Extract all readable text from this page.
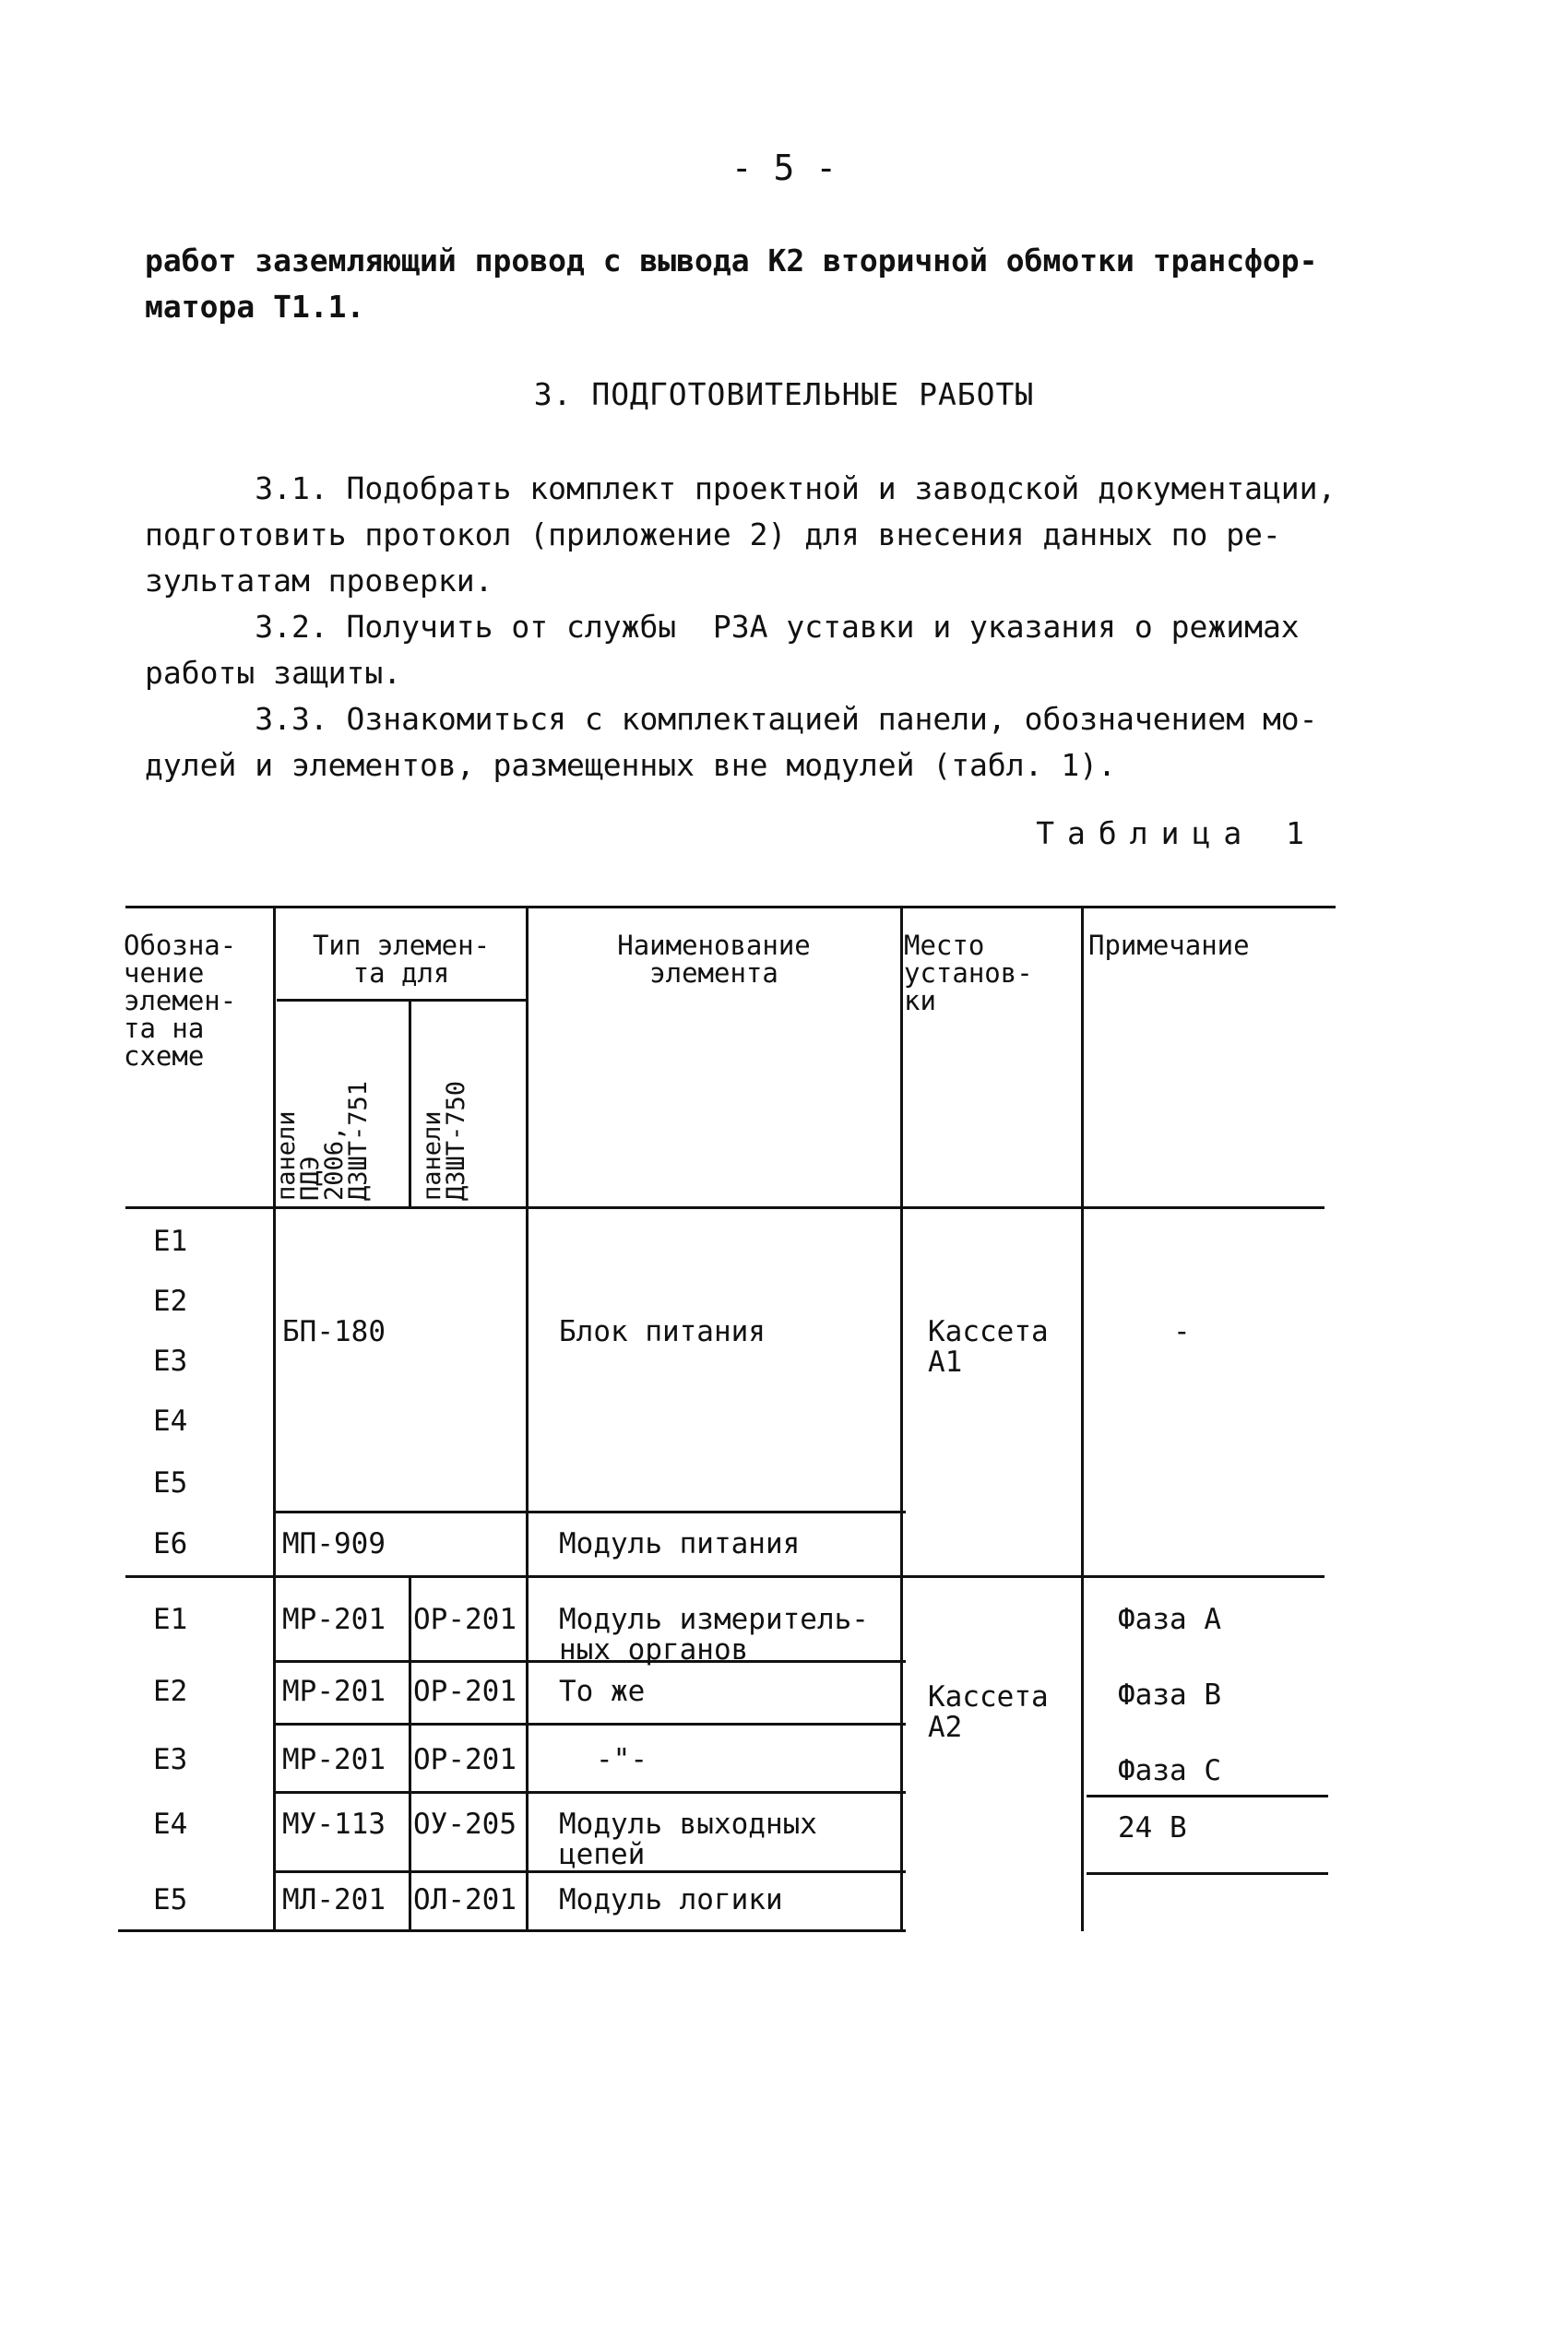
- 5 -

работ заземляющий провод с вывода К2 вторичной обмотки трансфор-
матора Т1.1.

3. ПОДГОТОВИТЕЛЬНЫЕ РАБОТЫ

3.1. Подобрать комплект проектной и заводской документации,
подготовить протокол (приложение 2) для внесения данных по ре-
зультатам проверки.

3.2. Получить от службы  РЗА уставки и указания о режимах
работы защиты.

3.3. Ознакомиться с комплектацией панели, обозначением мо-
дулей и элементов, размещенных вне модулей (табл. 1).

Таблица 1
Обозна-
чение
элемен-
та на
схеме
Тип элемен-
та для
панели
ПДЭ
2006,
ДЗШТ-751 панели
ДЗШТ-750
Наименование
элемента
Место
установ-
ки
Примечание
Е1
Е2
Е3
Е4
Е5
БП-180	Блок питания	Кассета
А1
-
Е6	МП-909	Модуль питания
Кассета
А2
Е1	МР-201 ОР-201 Модуль измеритель-
ных органов
Фаза А
Е2	МР-201 ОР-201 То же	Фаза В
Е3	МР-201 ОР-201	-"-	Фаза С
Е4	МУ-113 ОУ-205 Модуль выходных
цепей
24 В
Е5	МЛ-201 ОЛ-201 Модуль логики
